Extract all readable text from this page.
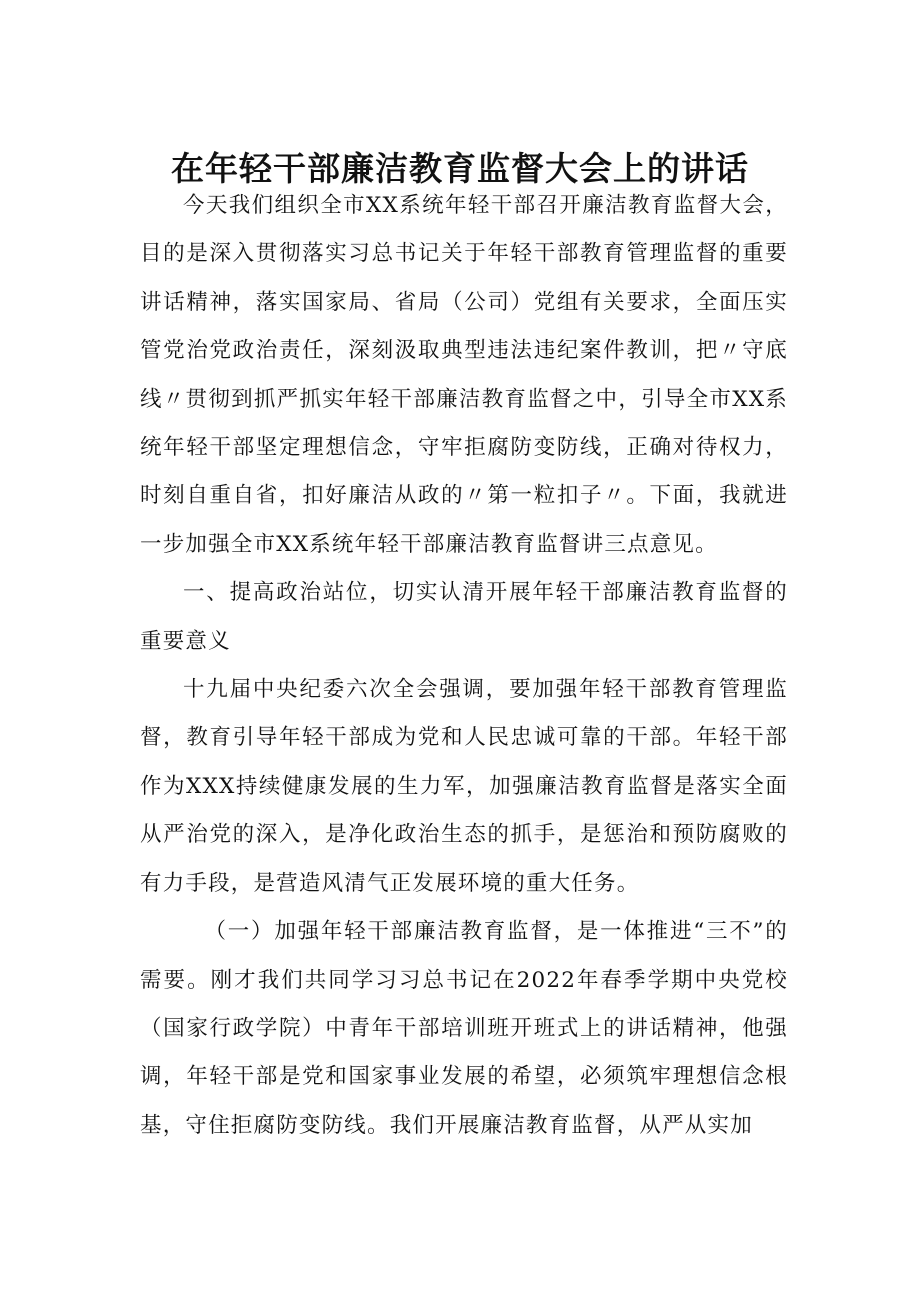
在年轻干部廉洁教育监督大会上的讲话

今天我们组织全市XX系统年轻干部召开廉洁教育监督大会，目的是深入贯彻落实习总书记关于年轻干部教育管理监督的重要讲话精神，落实国家局、省局（公司）党组有关要求，全面压实管党治党政治责任，深刻汲取典型违法违纪案件教训，把〃守底线〃贯彻到抓严抓实年轻干部廉洁教育监督之中，引导全市XX系统年轻干部坚定理想信念，守牢拒腐防变防线，正确对待权力，时刻自重自省，扣好廉洁从政的〃第一粒扣子〃。下面，我就进一步加强全市XX系统年轻干部廉洁教育监督讲三点意见。

一、提高政治站位，切实认清开展年轻干部廉洁教育监督的重要意义

十九届中央纪委六次全会强调，要加强年轻干部教育管理监督，教育引导年轻干部成为党和人民忠诚可靠的干部。年轻干部作为XXX持续健康发展的生力军，加强廉洁教育监督是落实全面从严治党的深入，是净化政治生态的抓手，是惩治和预防腐败的有力手段，是营造风清气正发展环境的重大任务。

（一）加强年轻干部廉洁教育监督，是一体推进“三不”的需要。刚才我们共同学习习总书记在2022年春季学期中央党校（国家行政学院）中青年干部培训班开班式上的讲话精神，他强调，年轻干部是党和国家事业发展的希望，必须筑牢理想信念根基，守住拒腐防变防线。我们开展廉洁教育监督，从严从实加
